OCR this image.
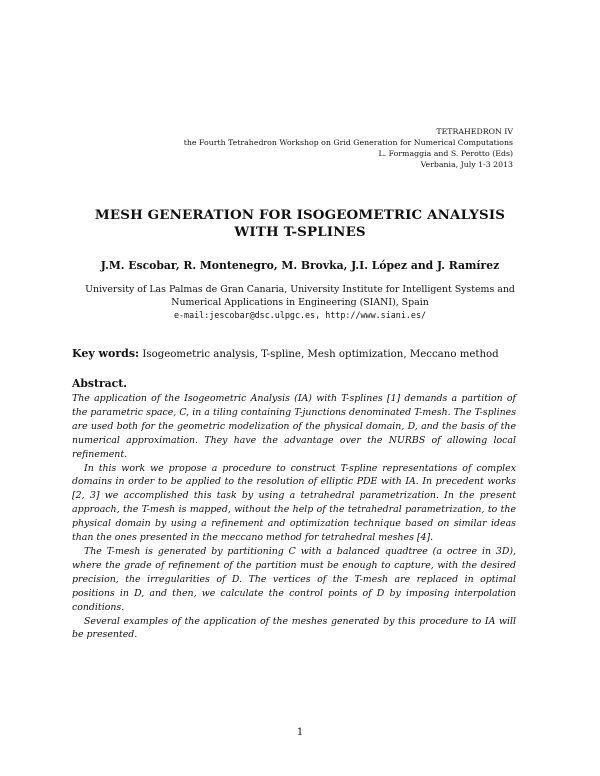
TETRAHEDRON IV
the Fourth Tetrahedron Workshop on Grid Generation for Numerical Computations
L. Formaggia and S. Perotto (Eds)
Verbania, July 1-3 2013
MESH GENERATION FOR ISOGEOMETRIC ANALYSIS
WITH T-SPLINES
J.M. Escobar, R. Montenegro, M. Brovka, J.I. López and J. Ramírez
University of Las Palmas de Gran Canaria, University Institute for Intelligent Systems and
Numerical Applications in Engineering (SIANI), Spain
e-mail:jescobar@dsc.ulpgc.es, http://www.siani.es/
Key words: Isogeometric analysis, T-spline, Mesh optimization, Meccano method
Abstract.

The application of the Isogeometric Analysis (IA) with T-splines [1] demands a partition of the parametric space, C, in a tiling containing T-junctions denominated T-mesh. The T-splines are used both for the geometric modelization of the physical domain, D, and the basis of the numerical approximation. They have the advantage over the NURBS of allowing local refinement.

In this work we propose a procedure to construct T-spline representations of complex domains in order to be applied to the resolution of elliptic PDE with IA. In precedent works [2, 3] we accomplished this task by using a tetrahedral parametrization. In the present approach, the T-mesh is mapped, without the help of the tetrahedral parametrization, to the physical domain by using a refinement and optimization technique based on similar ideas than the ones presented in the meccano method for tetrahedral meshes [4].

The T-mesh is generated by partitioning C with a balanced quadtree (a octree in 3D), where the grade of refinement of the partition must be enough to capture, with the desired precision, the irregularities of D. The vertices of the T-mesh are replaced in optimal positions in D, and then, we calculate the control points of D by imposing interpolation conditions.

Several examples of the application of the meshes generated by this procedure to IA will be presented.

1
